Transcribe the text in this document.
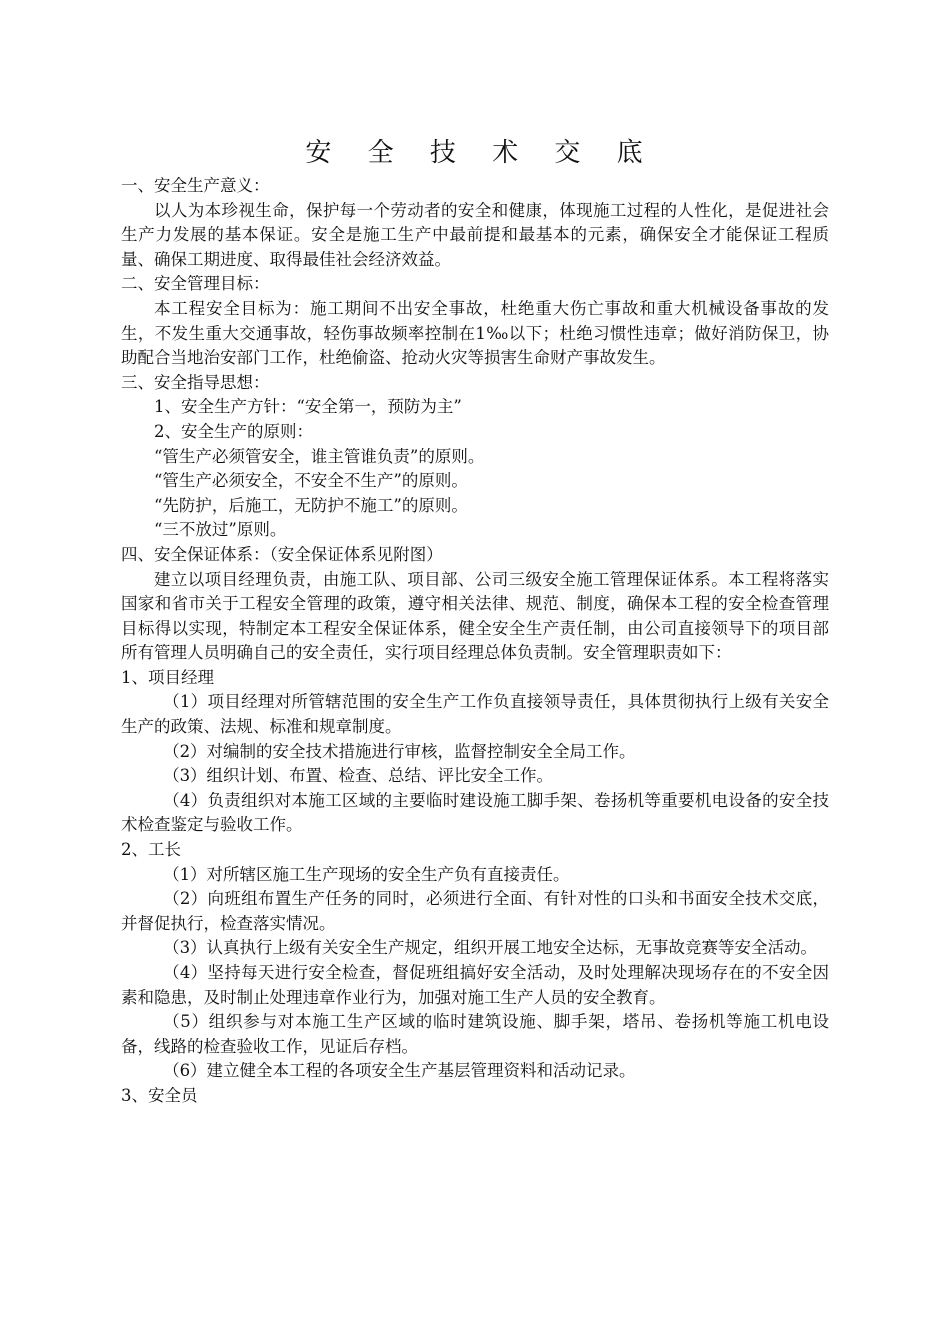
安 全 技 术 交 底
一、安全生产意义：
以人为本珍视生命，保护每一个劳动者的安全和健康，体现施工过程的人性化，是促进社会生产力发展的基本保证。安全是施工生产中最前提和最基本的元素，确保安全才能保证工程质量、确保工期进度、取得最佳社会经济效益。
二、安全管理目标：
本工程安全目标为：施工期间不出安全事故，杜绝重大伤亡事故和重大机械设备事故的发生，不发生重大交通事故，轻伤事故频率控制在1‰以下；杜绝习惯性违章；做好消防保卫，协助配合当地治安部门工作，杜绝偷盗、抢动火灾等损害生命财产事故发生。
三、安全指导思想：
1、安全生产方针：“安全第一，预防为主”
2、安全生产的原则：
“管生产必须管安全，谁主管谁负责”的原则。
“管生产必须安全，不安全不生产”的原则。
“先防护，后施工，无防护不施工”的原则。
“三不放过”原则。
四、安全保证体系：（安全保证体系见附图）
建立以项目经理负责，由施工队、项目部、公司三级安全施工管理保证体系。本工程将落实国家和省市关于工程安全管理的政策，遵守相关法律、规范、制度，确保本工程的安全检查管理目标得以实现，特制定本工程安全保证体系，健全安全生产责任制，由公司直接领导下的项目部所有管理人员明确自己的安全责任，实行项目经理总体负责制。安全管理职责如下：
1、项目经理
（1）项目经理对所管辖范围的安全生产工作负直接领导责任，具体贯彻执行上级有关安全生产的政策、法规、标准和规章制度。
（2）对编制的安全技术措施进行审核，监督控制安全全局工作。
（3）组织计划、布置、检查、总结、评比安全工作。
（4）负责组织对本施工区域的主要临时建设施工脚手架、卷扬机等重要机电设备的安全技术检查鉴定与验收工作。
2、工长
（1）对所辖区施工生产现场的安全生产负有直接责任。
（2）向班组布置生产任务的同时，必须进行全面、有针对性的口头和书面安全技术交底，并督促执行，检查落实情况。
（3）认真执行上级有关安全生产规定，组织开展工地安全达标，无事故竞赛等安全活动。
（4）坚持每天进行安全检查，督促班组搞好安全活动，及时处理解决现场存在的不安全因素和隐患，及时制止处理违章作业行为，加强对施工生产人员的安全教育。
（5）组织参与对本施工生产区域的临时建筑设施、脚手架，塔吊、卷扬机等施工机电设备，线路的检查验收工作，见证后存档。
（6）建立健全本工程的各项安全生产基层管理资料和活动记录。
3、安全员
